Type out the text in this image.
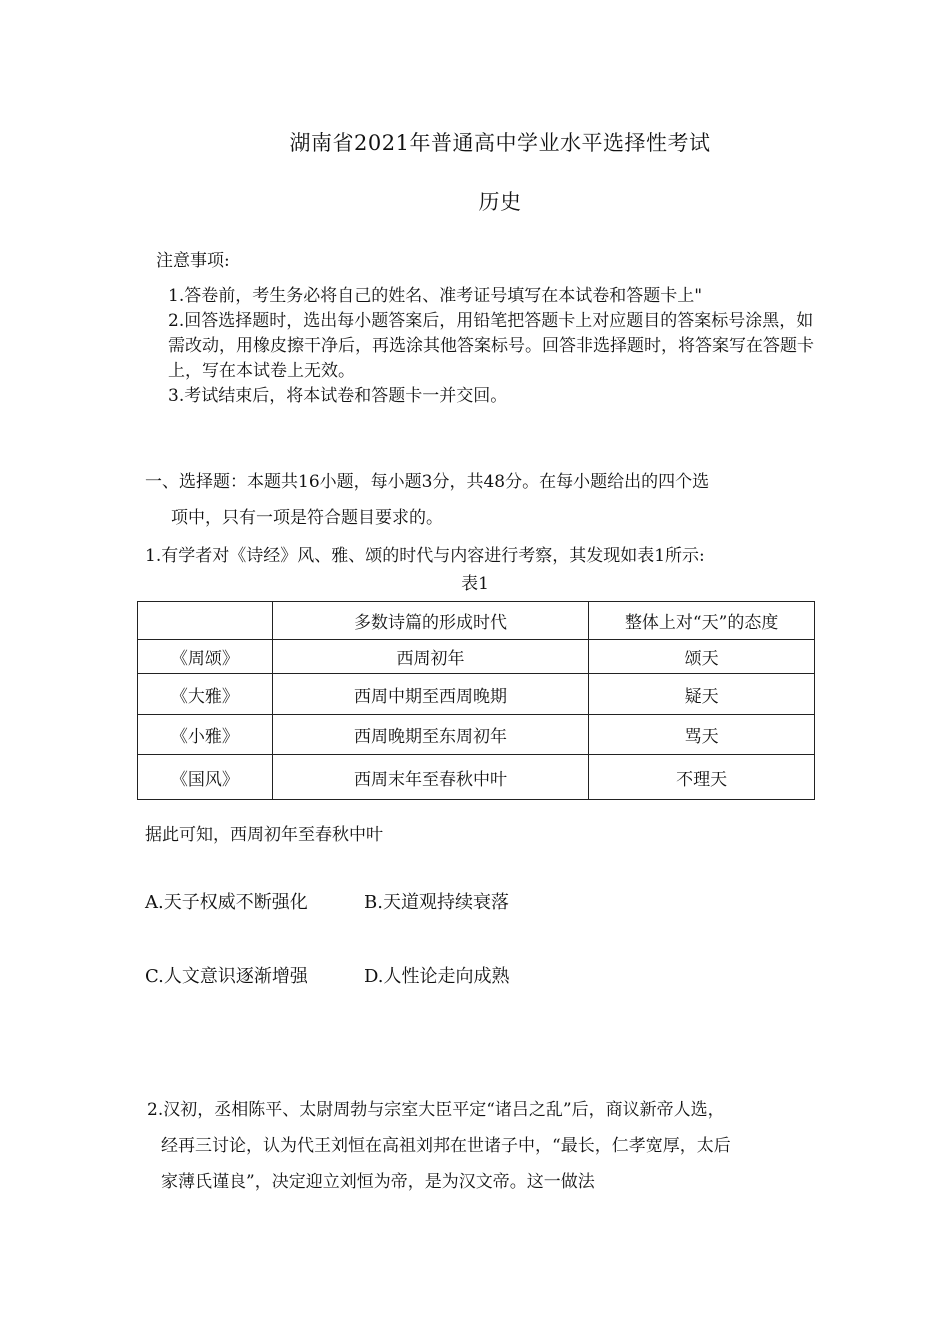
湖南省2021年普通高中学业水平选择性考试
历史
注意事项:

1.答卷前，考生务必将自己的姓名、准考证号填写在本试卷和答题卡上"

2.回答选择题时，选出每小题答案后，用铅笔把答题卡上对应题目的答案标号涂黑，如需改动，用橡皮擦干净后，再选涂其他答案标号。回答非选择题时，将答案写在答题卡上，写在本试卷上无效。

3.考试结束后，将本试卷和答题卡一并交回。

一、选择题：本题共16小题，每小题3分，共48分。在每小题给出的四个选
项中，只有一项是符合题目要求的。
1.有学者对《诗经》风、雅、颂的时代与内容进行考察，其发现如表1所示:
表1
	多数诗篇的形成时代	整体上对“天”的态度
《周颂》	西周初年	颂天
《大雅》	西周中期至西周晚期	疑天
《小雅》	西周晚期至东周初年	骂天
《国风》	西周末年至春秋中叶	不理天
据此可知，西周初年至春秋中叶
A.天子权威不断强化	B.天道观持续衰落
C.人文意识逐渐增强	D.人性论走向成熟
2.汉初，丞相陈平、太尉周勃与宗室大臣平定“诸吕之乱”后，商议新帝人选，
经再三讨论，认为代王刘恒在高祖刘邦在世诸子中，“最长，仁孝宽厚，太后
家薄氏谨良”，决定迎立刘恒为帝，是为汉文帝。这一做法
